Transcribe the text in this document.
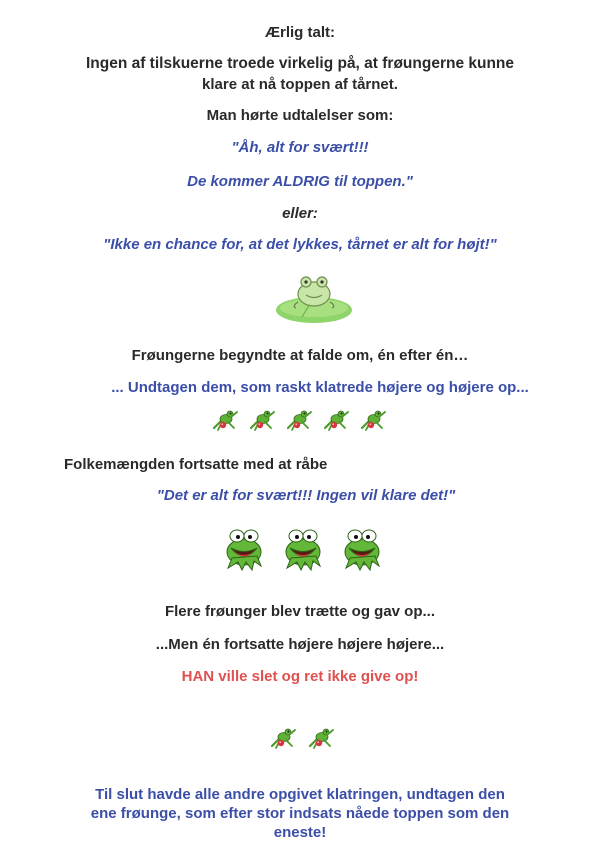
Ærlig talt:
Ingen af tilskuerne troede virkelig på, at frøungerne kunne
klare at nå toppen af tårnet.
Man hørte udtalelser som:
"Åh, alt for svært!!!
De kommer ALDRIG til toppen."
eller:
"Ikke en chance for, at det lykkes, tårnet er alt for højt!"
Frøungerne begyndte at falde om, én efter én…
... Undtagen dem, som raskt klatrede højere og højere op...
Folkemængden fortsatte med at råbe
"Det er alt for svært!!! Ingen vil klare det!"
Flere frøunger blev trætte og gav op...
...Men én fortsatte højere højere højere...
HAN ville slet og ret ikke give op!
Til slut havde alle andre opgivet klatringen, undtagen den
ene frøunge, som efter stor indsats nåede toppen som den
eneste!
